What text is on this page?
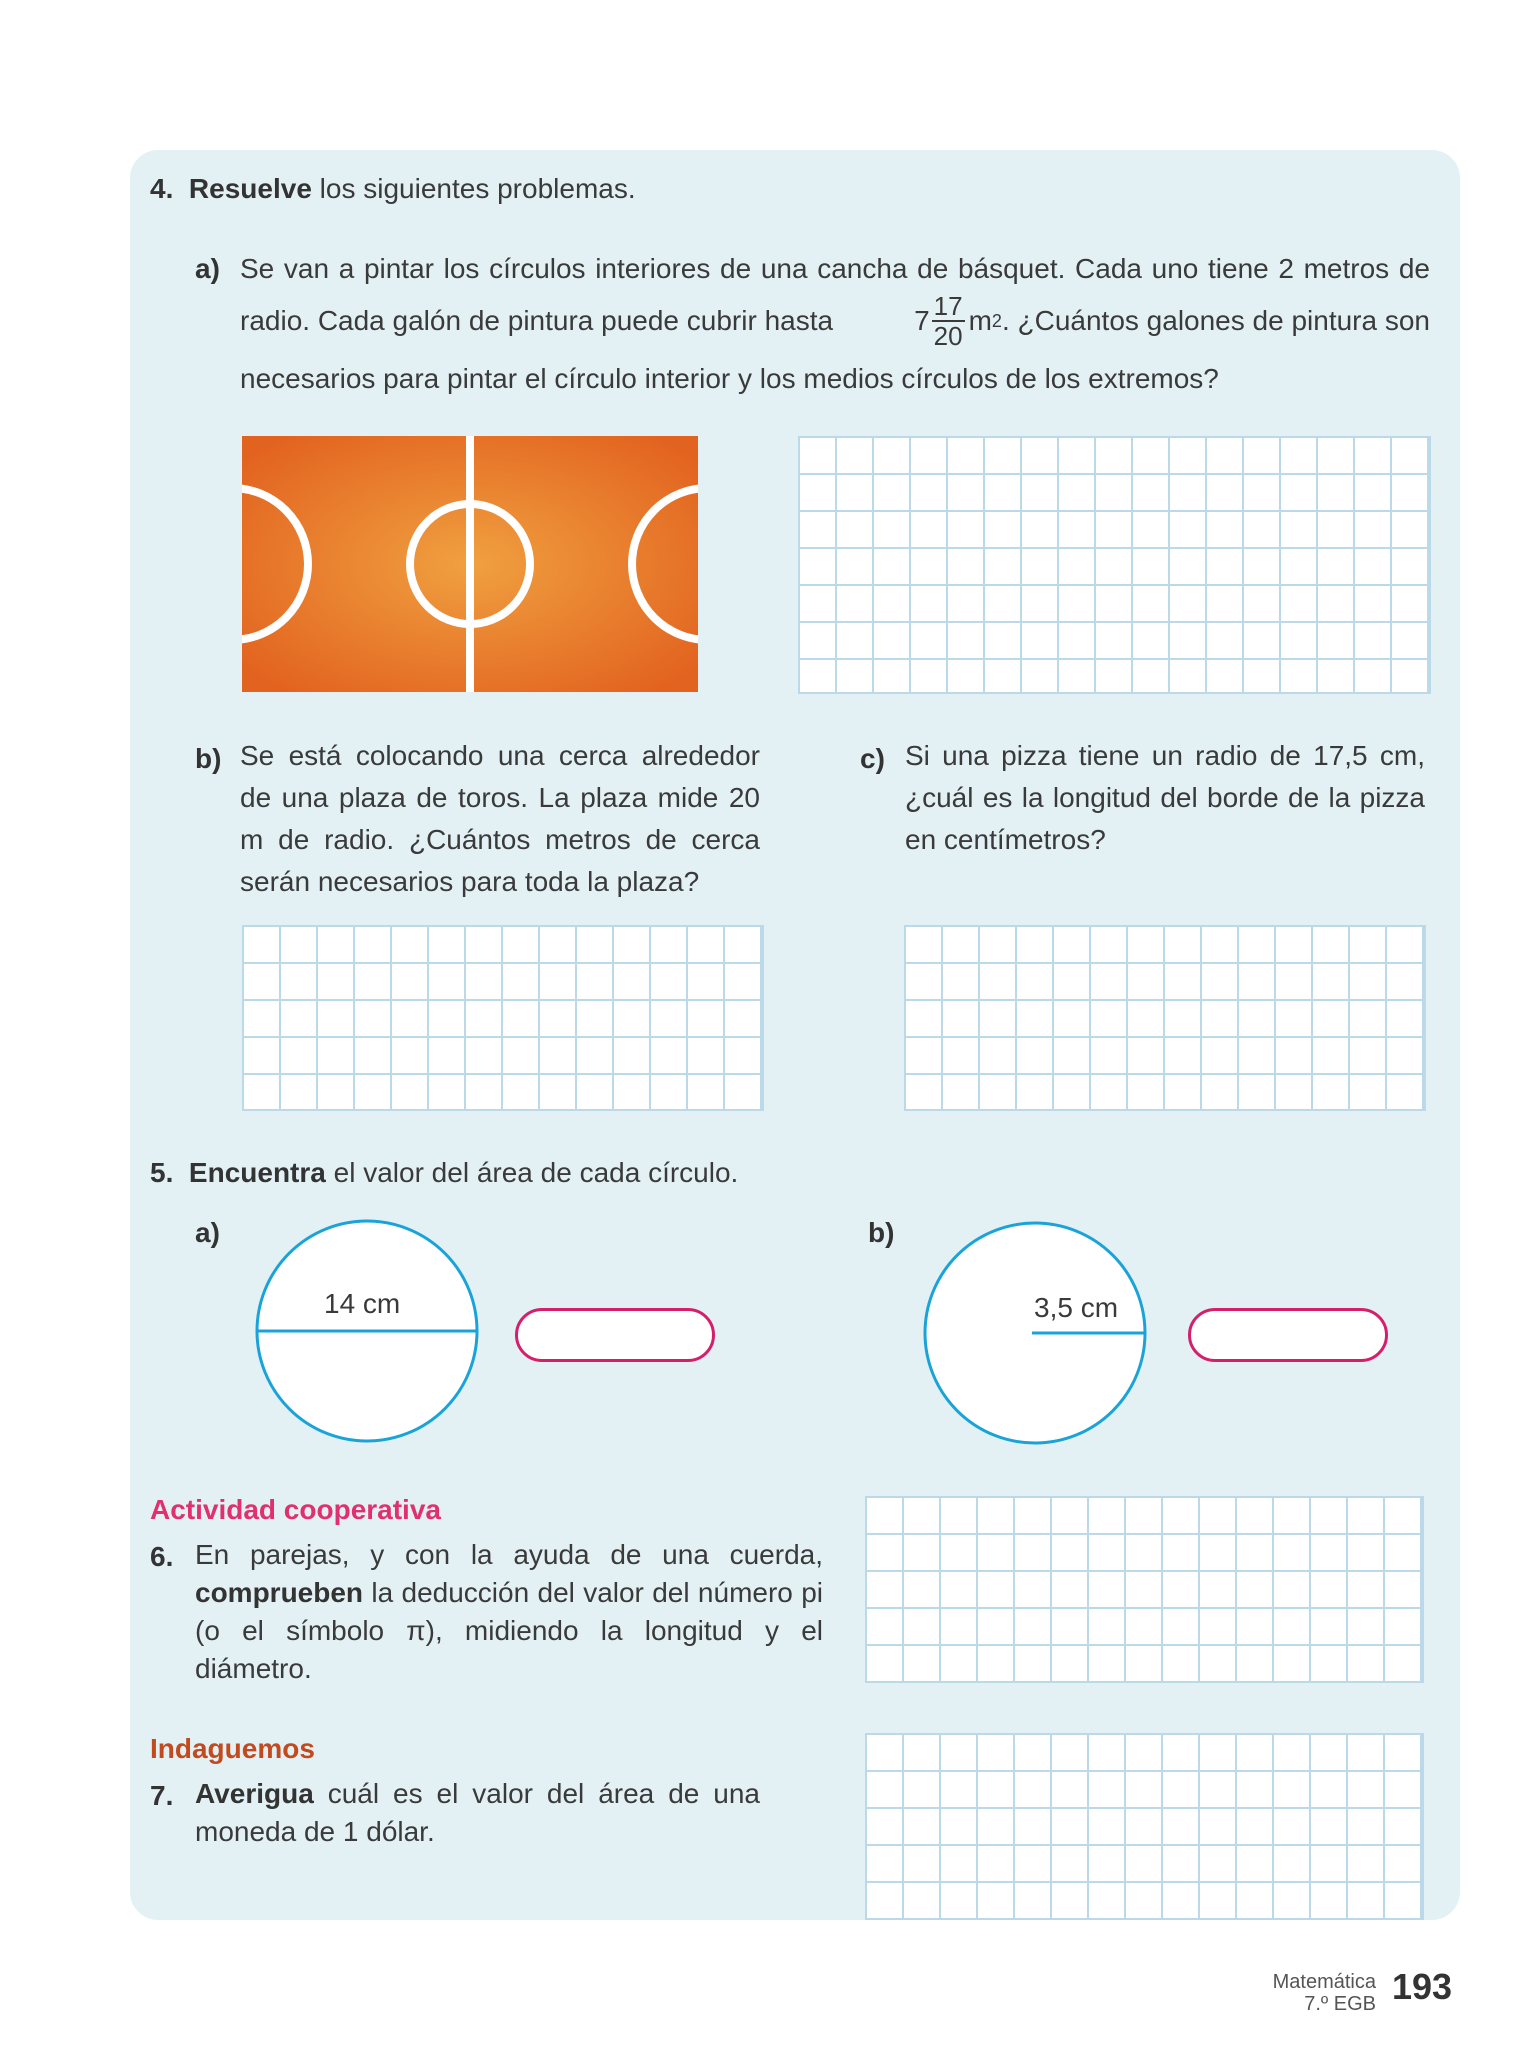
4. Resuelve los siguientes problemas.
a) Se van a pintar los círculos interiores de una cancha de básquet. Cada uno tiene 2 metros de
radio. Cada galón de pintura puede cubrir hasta	$7 \frac{17}{20}$ m 2 . ¿Cuántos galones de pintura son
necesarios para pintar el círculo interior y los medios círculos de los extremos?
b) Se está colocando una cerca alrededor de una plaza de toros. La plaza mide 20 m de radio. ¿Cuántos metros de cerca serán necesarios para toda la plaza?
c) Si una pizza tiene un radio de 17,5 cm, ¿cuál es la longitud del borde de la pizza en centímetros?
5. Encuentra el valor del área de cada círculo.
a)
14 cm
b)
3,5 cm
Actividad cooperativa
6. En parejas, y con la ayuda de una cuerda, comprueben la deducción del valor del número pi (o el símbolo π), midiendo la longitud y el diámetro.
Indaguemos
7. Averigua cuál es el valor del área de una moneda de 1 dólar.
Matemática
7.º EGB 193
